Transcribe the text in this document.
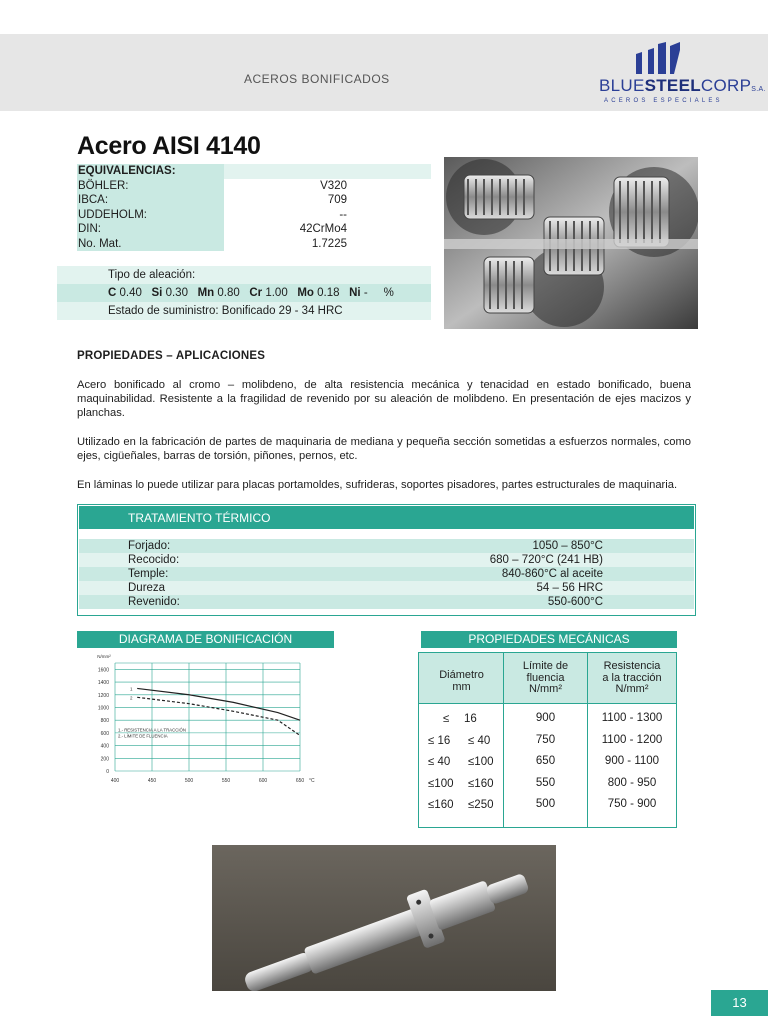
ACEROS BONIFICADOS	BLUESTEELCORPS.A.
ACEROS ESPECIALES
Acero AISI 4140
EQUIVALENCIAS:
BÖHLER:	V320
IBCA:	709
UDDEHOLM:	--
DIN:	42CrMo4
No. Mat.	1.7225
Tipo de aleación:
C 0.40 Si 0.30 Mn 0.80 Cr 1.00 Mo 0.18 Ni - %
Estado de suministro: Bonificado 29 - 34 HRC
PROPIEDADES – APLICACIONES
Acero bonificado al cromo – molibdeno, de alta resistencia mecánica y tenacidad en estado bonificado, buena maquinabilidad. Resistente a la fragilidad de revenido por su aleación de molibdeno. En presentación de ejes macizos y planchas.
Utilizado en la fabricación de partes de maquinaria de mediana y pequeña sección sometidas a esfuerzos normales, como ejes, cigüeñales, barras de torsión, piñones, pernos, etc.
En láminas lo puede utilizar para placas portamoldes, sufrideras, soportes pisadores, partes estructurales de maquinaria.
TRATAMIENTO TÉRMICO
Forjado:	1050 – 850°C
Recocido:	680 – 720°C (241 HB)
Temple:	840-860°C al aceite
Dureza	54 – 56 HRC
Revenido:	550-600°C
DIAGRAMA DE BONIFICACIÓN
0
200
400
600
800
1000
1200
1400
1600
400	450	500	550	600	650
N/mm²
°C
1
2
1.- RESISTENCIA A LA TRACCIÓN
2.- LÍMITE DE FLUENCIA
PROPIEDADES MECÁNICAS
Diámetro
mm
Límite de
fluencia
N/mm²
Resistencia
a la tracción
N/mm²
≤ 16	900	1100 - 1300
≤ 16 ≤ 40	750	1100 - 1200
≤ 40 ≤100	650	900 - 1100
≤100 ≤160	550	800 - 950
≤160 ≤250	500	750 - 900
13
